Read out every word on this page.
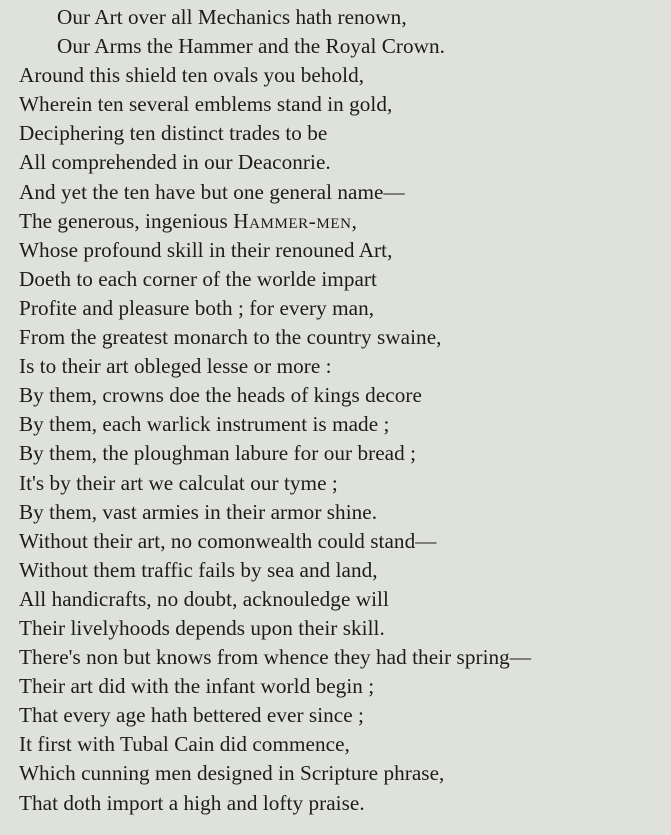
Our Art over all Mechanics hath renown,
Our Arms the Hammer and the Royal Crown.
Around this shield ten ovals you behold,
Wherein ten several emblems stand in gold,
Deciphering ten distinct trades to be
All comprehended in our Deaconrie.
And yet the ten have but one general name—
The generous, ingenious Hammer-men,
Whose profound skill in their renouned Art,
Doeth to each corner of the worlde impart
Profite and pleasure both ; for every man,
From the greatest monarch to the country swaine,
Is to their art obleged lesse or more :
By them, crowns doe the heads of kings decore
By them, each warlick instrument is made ;
By them, the ploughman labure for our bread ;
It's by their art we calculat our tyme ;
By them, vast armies in their armor shine.
Without their art, no comonwealth could stand—
Without them traffic fails by sea and land,
All handicrafts, no doubt, acknouledge will
Their livelyhoods depends upon their skill.
There's non but knows from whence they had their spring—
Their art did with the infant world begin ;
That every age hath bettered ever since ;
It first with Tubal Cain did commence,
Which cunning men designed in Scripture phrase,
That doth import a high and lofty praise.
